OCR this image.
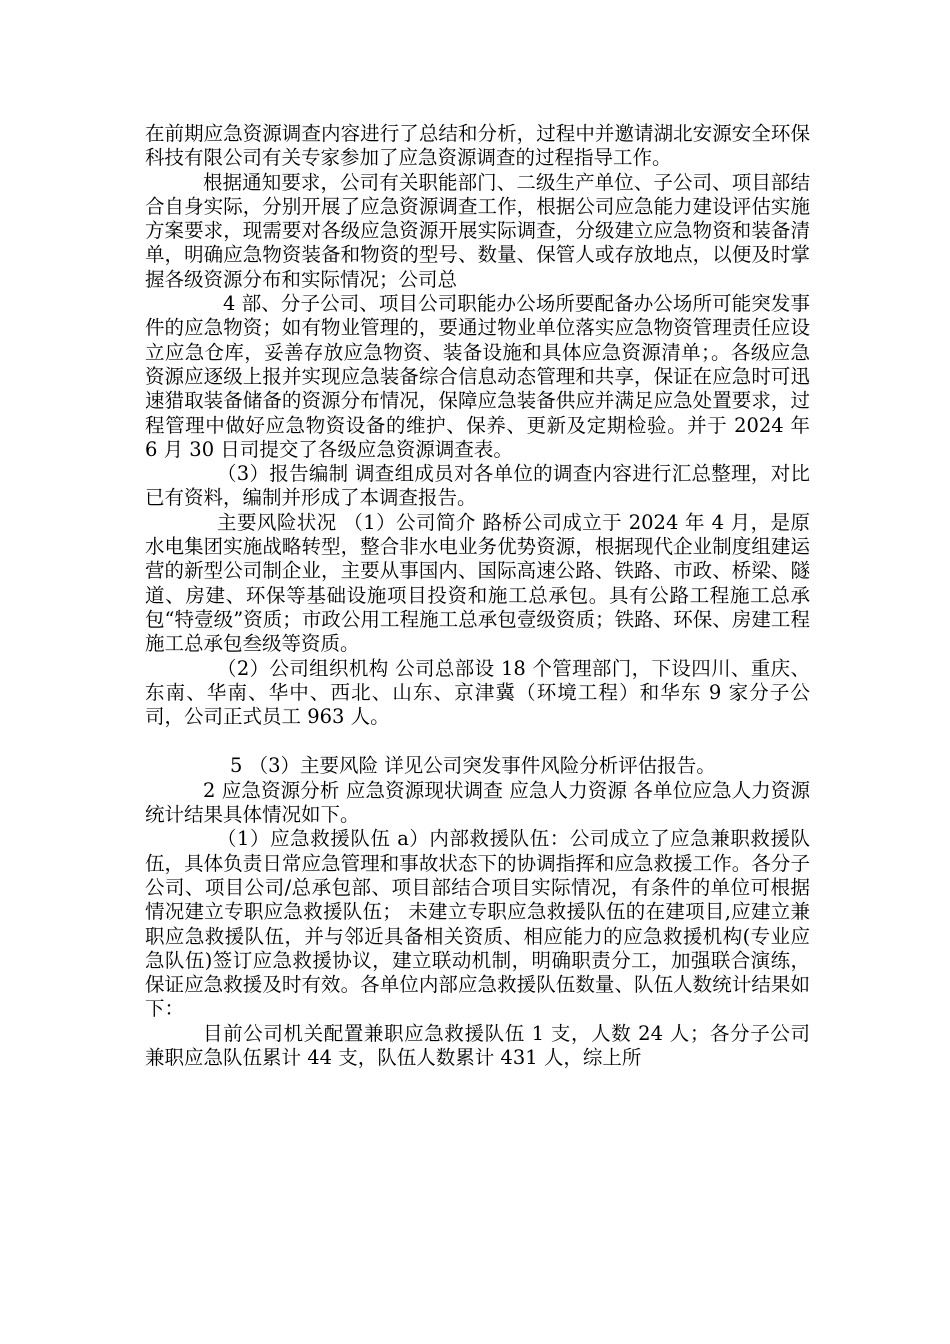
在前期应急资源调查内容进行了总结和分析，过程中并邀请湖北安源安全环保科技有限公司有关专家参加了应急资源调查的过程指导工作。

根据通知要求，公司有关职能部门、二级生产单位、子公司、项目部结合自身实际，分别开展了应急资源调查工作，根据公司应急能力建设评估实施方案要求，现需要对各级应急资源开展实际调查，分级建立应急物资和装备清单，明确应急物资装备和物资的型号、数量、保管人或存放地点，以便及时掌握各级资源分布和实际情况；公司总

4 部、分子公司、项目公司职能办公场所要配备办公场所可能突发事件的应急物资；如有物业管理的，要通过物业单位落实应急物资管理责任应设立应急仓库，妥善存放应急物资、装备设施和具体应急资源清单；。各级应急资源应逐级上报并实现应急装备综合信息动态管理和共享，保证在应急时可迅速猎取装备储备的资源分布情况，保障应急装备供应并满足应急处置要求，过程管理中做好应急物资设备的维护、保养、更新及定期检验。并于 2024 年 6 月 30 日司提交了各级应急资源调查表。

（3）报告编制 调查组成员对各单位的调查内容进行汇总整理，对比已有资料，编制并形成了本调查报告。

主要风险状况 （1）公司简介 路桥公司成立于 2024 年 4 月，是原水电集团实施战略转型，整合非水电业务优势资源，根据现代企业制度组建运营的新型公司制企业，主要从事国内、国际高速公路、铁路、市政、桥梁、隧道、房建、环保等基础设施项目投资和施工总承包。具有公路工程施工总承包“特壹级”资质；市政公用工程施工总承包壹级资质；铁路、环保、房建工程施工总承包叁级等资质。

（2）公司组织机构 公司总部设 18 个管理部门，下设四川、重庆、东南、华南、华中、西北、山东、京津冀（环境工程）和华东 9 家分子公司，公司正式员工 963 人。

5 （3）主要风险 详见公司突发事件风险分析评估报告。

2 应急资源分析 应急资源现状调查 应急人力资源 各单位应急人力资源统计结果具体情况如下。

（1）应急救援队伍 a）内部救援队伍：公司成立了应急兼职救援队伍，具体负责日常应急管理和事故状态下的协调指挥和应急救援工作。各分子公司、项目公司/总承包部、项目部结合项目实际情况，有条件的单位可根据情况建立专职应急救援队伍； 未建立专职应急救援队伍的在建项目,应建立兼职应急救援队伍，并与邻近具备相关资质、相应能力的应急救援机构(专业应急队伍)签订应急救援协议，建立联动机制，明确职责分工，加强联合演练，保证应急救援及时有效。各单位内部应急救援队伍数量、队伍人数统计结果如下：

目前公司机关配置兼职应急救援队伍 1 支，人数 24 人；各分子公司兼职应急队伍累计 44 支，队伍人数累计 431 人，综上所
